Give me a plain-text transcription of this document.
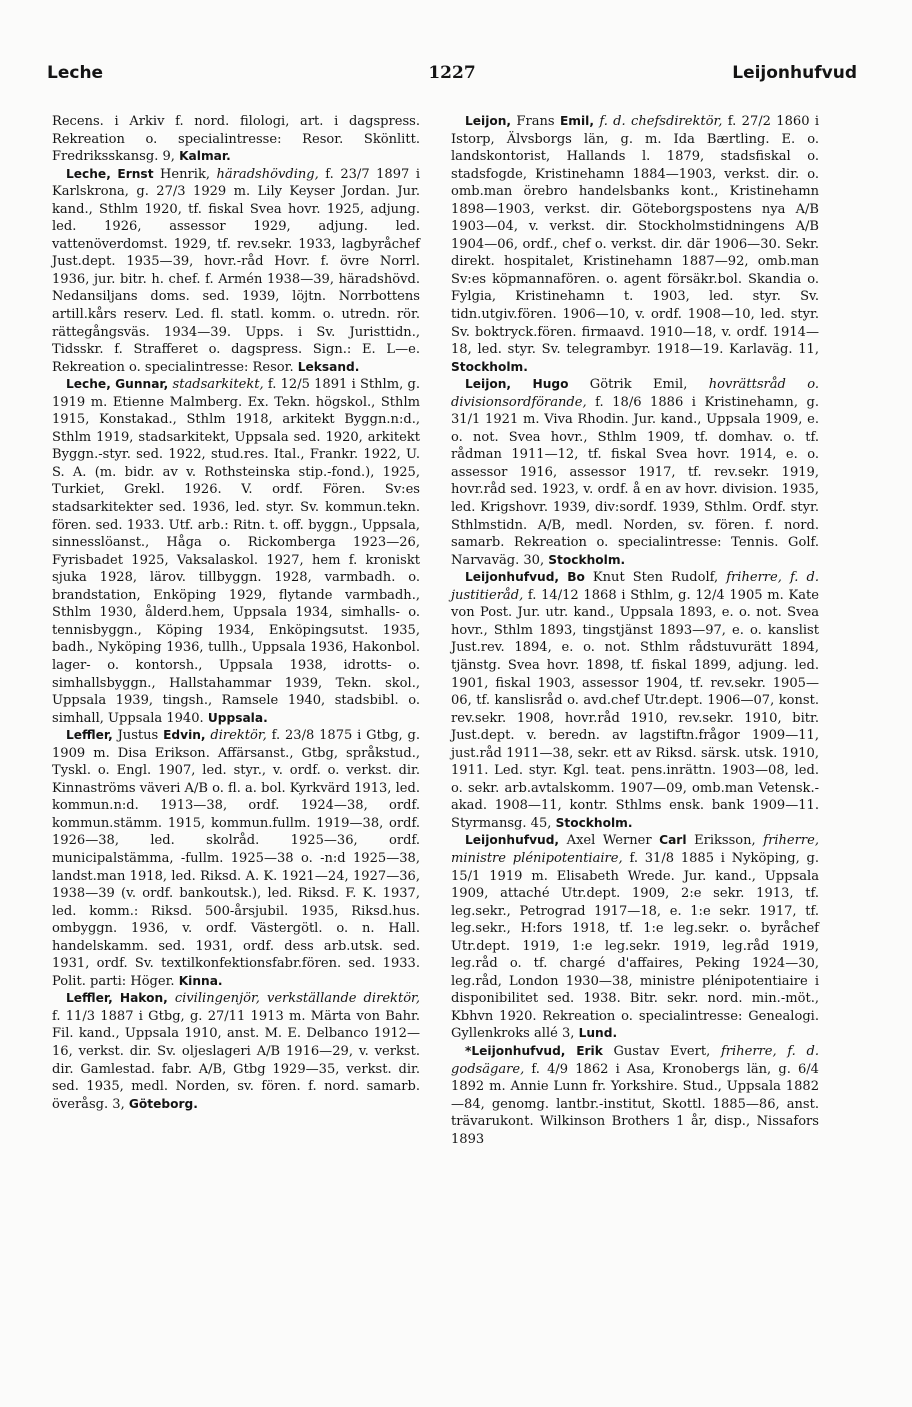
Leche	1227	Leijonhufvud

Recens. i Arkiv f. nord. filologi, art. i dagspress. Rekreation o. specialintresse: Resor. Skönlitt. Fredriksskansg. 9, Kalmar.

Leche, Ernst Henrik, häradshövding, f. 23/7 1897 i Karlskrona, g. 27/3 1929 m. Lily Keyser Jordan. Jur. kand., Sthlm 1920, tf. fiskal Svea hovr. 1925, adjung. led. 1926, assessor 1929, adjung. led. vattenöverdomst. 1929, tf. rev.sekr. 1933, lagbyråchef Just.dept. 1935—39, hovr.-råd Hovr. f. övre Norrl. 1936, jur. bitr. h. chef. f. Armén 1938—39, häradshövd. Nedansiljans doms. sed. 1939, löjtn. Norrbottens artill.kårs reserv. Led. fl. statl. komm. o. utredn. rör. rättegångsväs. 1934—39. Upps. i Sv. Juristtidn., Tidsskr. f. Strafferet o. dagspress. Sign.: E. L—e. Rekreation o. specialintresse: Resor. Leksand.

Leche, Gunnar, stadsarkitekt, f. 12/5 1891 i Sthlm, g. 1919 m. Etienne Malmberg. Ex. Tekn. högskol., Sthlm 1915, Konstakad., Sthlm 1918, arkitekt Byggn.n:d., Sthlm 1919, stadsarkitekt, Uppsala sed. 1920, arkitekt Byggn.-styr. sed. 1922, stud.res. Ital., Frankr. 1922, U. S. A. (m. bidr. av v. Rothsteinska stip.-fond.), 1925, Turkiet, Grekl. 1926. V. ordf. Fören. Sv:es stadsarkitekter sed. 1936, led. styr. Sv. kommun.tekn. fören. sed. 1933. Utf. arb.: Ritn. t. off. byggn., Uppsala, sinnesslöanst., Håga o. Rickomberga 1923—26, Fyrisbadet 1925, Vaksalaskol. 1927, hem f. kroniskt sjuka 1928, lärov. tillbyggn. 1928, varmbadh. o. brandstation, Enköping 1929, flytande varmbadh., Sthlm 1930, ålderd.hem, Uppsala 1934, simhalls- o. tennisbyggn., Köping 1934, Enköpingsutst. 1935, badh., Nyköping 1936, tullh., Uppsala 1936, Hakonbol. lager- o. kontorsh., Uppsala 1938, idrotts- o. simhallsbyggn., Hallstahammar 1939, Tekn. skol., Uppsala 1939, tingsh., Ramsele 1940, stadsbibl. o. simhall, Uppsala 1940. Uppsala.

Leffler, Justus Edvin, direktör, f. 23/8 1875 i Gtbg, g. 1909 m. Disa Erikson. Affärsanst., Gtbg, språkstud., Tyskl. o. Engl. 1907, led. styr., v. ordf. o. verkst. dir. Kinnaströms väveri A/B o. fl. a. bol. Kyrkvärd 1913, led. kommun.n:d. 1913—38, ordf. 1924—38, ordf. kommun.stämm. 1915, kommun.fullm. 1919—38, ordf. 1926—38, led. skolråd. 1925—36, ordf. municipalstämma, -fullm. 1925—38 o. -n:d 1925—38, landst.man 1918, led. Riksd. A. K. 1921—24, 1927—36, 1938—39 (v. ordf. bankoutsk.), led. Riksd. F. K. 1937, led. komm.: Riksd. 500-årsjubil. 1935, Riksd.hus. ombyggn. 1936, v. ordf. Västergötl. o. n. Hall. handelskamm. sed. 1931, ordf. dess arb.utsk. sed. 1931, ordf. Sv. textilkonfektionsfabr.fören. sed. 1933. Polit. parti: Höger. Kinna.

Leffler, Hakon, civilingenjör, verkställande direktör, f. 11/3 1887 i Gtbg, g. 27/11 1913 m. Märta von Bahr. Fil. kand., Uppsala 1910, anst. M. E. Delbanco 1912—16, verkst. dir. Sv. oljeslageri A/B 1916—29, v. verkst. dir. Gamlestad. fabr. A/B, Gtbg 1929—35, verkst. dir. sed. 1935, medl. Norden, sv. fören. f. nord. samarb. överåsg. 3, Göteborg.

Leijon, Frans Emil, f. d. chefsdirektör, f. 27/2 1860 i Istorp, Älvsborgs län, g. m. Ida Bærtling. E. o. landskontorist, Hallands l. 1879, stadsfiskal o. stadsfogde, Kristinehamn 1884—1903, verkst. dir. o. omb.man örebro handelsbanks kont., Kristinehamn 1898—1903, verkst. dir. Göteborgspostens nya A/B 1903—04, v. verkst. dir. Stockholmstidningens A/B 1904—06, ordf., chef o. verkst. dir. där 1906—30. Sekr. direkt. hospitalet, Kristinehamn 1887—92, omb.man Sv:es köpmannafören. o. agent försäkr.bol. Skandia o. Fylgia, Kristinehamn t. 1903, led. styr. Sv. tidn.utgiv.fören. 1906—10, v. ordf. 1908—10, led. styr. Sv. boktryck.fören. firmaavd. 1910—18, v. ordf. 1914—18, led. styr. Sv. telegrambyr. 1918—19. Karlaväg. 11, Stockholm.

Leijon, Hugo Götrik Emil, hovrättsråd o. divisionsordförande, f. 18/6 1886 i Kristinehamn, g. 31/1 1921 m. Viva Rhodin. Jur. kand., Uppsala 1909, e. o. not. Svea hovr., Sthlm 1909, tf. domhav. o. tf. rådman 1911—12, tf. fiskal Svea hovr. 1914, e. o. assessor 1916, assessor 1917, tf. rev.sekr. 1919, hovr.råd sed. 1923, v. ordf. å en av hovr. division. 1935, led. Krigshovr. 1939, div:sordf. 1939, Sthlm. Ordf. styr. Sthlmstidn. A/B, medl. Norden, sv. fören. f. nord. samarb. Rekreation o. specialintresse: Tennis. Golf. Narvaväg. 30, Stockholm.

Leijonhufvud, Bo Knut Sten Rudolf, friherre, f. d. justitieråd, f. 14/12 1868 i Sthlm, g. 12/4 1905 m. Kate von Post. Jur. utr. kand., Uppsala 1893, e. o. not. Svea hovr., Sthlm 1893, tingstjänst 1893—97, e. o. kanslist Just.rev. 1894, e. o. not. Sthlm rådstuvurätt 1894, tjänstg. Svea hovr. 1898, tf. fiskal 1899, adjung. led. 1901, fiskal 1903, assessor 1904, tf. rev.sekr. 1905—06, tf. kanslisråd o. avd.chef Utr.dept. 1906—07, konst. rev.sekr. 1908, hovr.råd 1910, rev.sekr. 1910, bitr. Just.dept. v. beredn. av lagstiftn.frågor 1909—11, just.råd 1911—38, sekr. ett av Riksd. särsk. utsk. 1910, 1911. Led. styr. Kgl. teat. pens.inrättn. 1903—08, led. o. sekr. arb.avtalskomm. 1907—09, omb.man Vetensk.-akad. 1908—11, kontr. Sthlms ensk. bank 1909—11. Styrmansg. 45, Stockholm.

Leijonhufvud, Axel Werner Carl Eriksson, friherre, ministre plénipotentiaire, f. 31/8 1885 i Nyköping, g. 15/1 1919 m. Elisabeth Wrede. Jur. kand., Uppsala 1909, attaché Utr.dept. 1909, 2:e sekr. 1913, tf. leg.sekr., Petrograd 1917—18, e. 1:e sekr. 1917, tf. leg.sekr., H:fors 1918, tf. 1:e leg.sekr. o. byråchef Utr.dept. 1919, 1:e leg.sekr. 1919, leg.råd 1919, leg.råd o. tf. chargé d'affaires, Peking 1924—30, leg.råd, London 1930—38, ministre plénipotentiaire i disponibilitet sed. 1938. Bitr. sekr. nord. min.-möt., Kbhvn 1920. Rekreation o. specialintresse: Genealogi. Gyllenkroks allé 3, Lund.

*Leijonhufvud, Erik Gustav Evert, friherre, f. d. godsägare, f. 4/9 1862 i Asa, Kronobergs län, g. 6/4 1892 m. Annie Lunn fr. Yorkshire. Stud., Uppsala 1882—84, genomg. lantbr.-institut, Skottl. 1885—86, anst. trävarukont. Wilkinson Brothers 1 år, disp., Nissafors 1893
